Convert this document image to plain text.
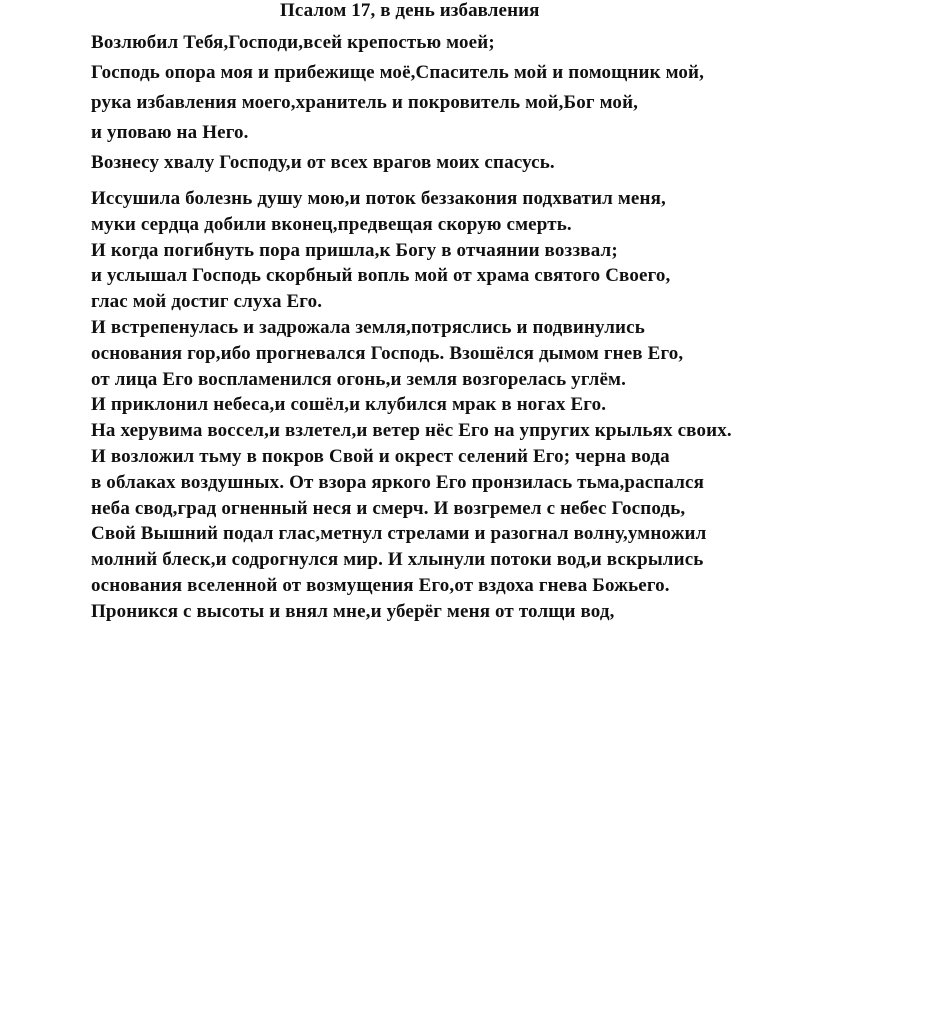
Псалом 17, в день избавления
Возлюбил Тебя,Господи,всей крепостью моей;
Господь опора моя и прибежище моё,Спаситель мой и помощник мой,
рука избавления моего,хранитель и покровитель мой,Бог мой,
и уповаю на Него.
Вознесу хвалу Господу,и от всех врагов моих спасусь.
Иссушила болезнь душу мою,и поток беззакония подхватил меня,
муки сердца добили вконец,предвещая скорую смерть.
И когда погибнуть пора пришла,к Богу в отчаянии воззвал;
и услышал Господь скорбный вопль мой от храма святого Своего,
глас мой достиг слуха Его.
И встрепенулась и задрожала земля,потряслись и подвинулись
основания гор,ибо прогневался Господь. Взошёлся дымом гнев Его,
от лица Его воспламенился огонь,и земля возгорелась углём.
И приклонил небеса,и сошёл,и клубился мрак в ногах Его.
На херувима воссел,и взлетел,и ветер нёс Его на упругих крыльях своих.
И возложил тьму в покров Свой и окрест селений Его; черна вода
в облаках воздушных. От взора яркого Его пронзилась тьма,распался
неба свод,град огненный неся и смерч. И возгремел с небес Господь,
Свой Вышний подал глас,метнул стрелами и разогнал волну,умножил
молний блеск,и содрогнулся мир. И хлынули потоки вод,и вскрылись
основания вселенной от возмущения Его,от вздоха гнева Божьего.
Проникся с высоты и внял мне,и уберёг меня от толщи вод,
